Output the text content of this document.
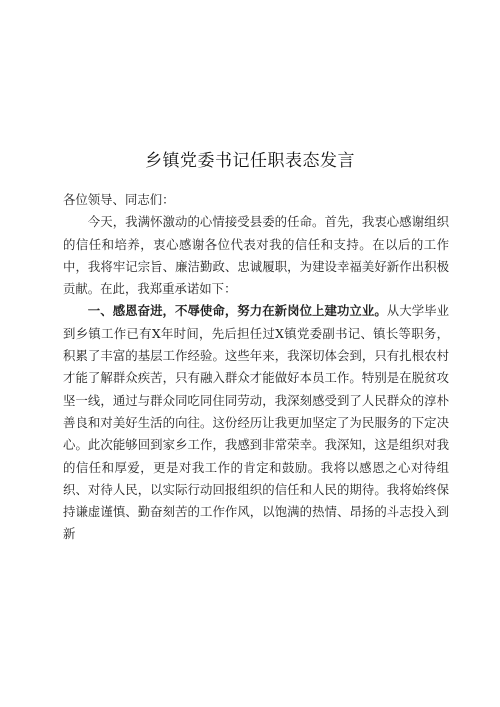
乡镇党委书记任职表态发言

各位领导、同志们：

今天，我满怀激动的心情接受县委的任命。首先，我衷心感谢组织的信任和培养，衷心感谢各位代表对我的信任和支持。在以后的工作中，我将牢记宗旨、廉洁勤政、忠诚履职，为建设幸福美好新作出积极贡献。在此，我郑重承诺如下：

一、感恩奋进，不辱使命，努力在新岗位上建功立业。从大学毕业到乡镇工作已有X年时间，先后担任过X镇党委副书记、镇长等职务，积累了丰富的基层工作经验。这些年来，我深切体会到，只有扎根农村才能了解群众疾苦，只有融入群众才能做好本员工作。特别是在脱贫攻坚一线，通过与群众同吃同住同劳动，我深刻感受到了人民群众的淳朴善良和对美好生活的向往。这份经历让我更加坚定了为民服务的下定决心。此次能够回到家乡工作，我感到非常荣幸。我深知，这是组织对我的信任和厚爱，更是对我工作的肯定和鼓励。我将以感恩之心对待组织、对待人民，以实际行动回报组织的信任和人民的期待。我将始终保持谦虚谨慎、勤奋刻苦的工作作风，以饱满的热情、昂扬的斗志投入到新
